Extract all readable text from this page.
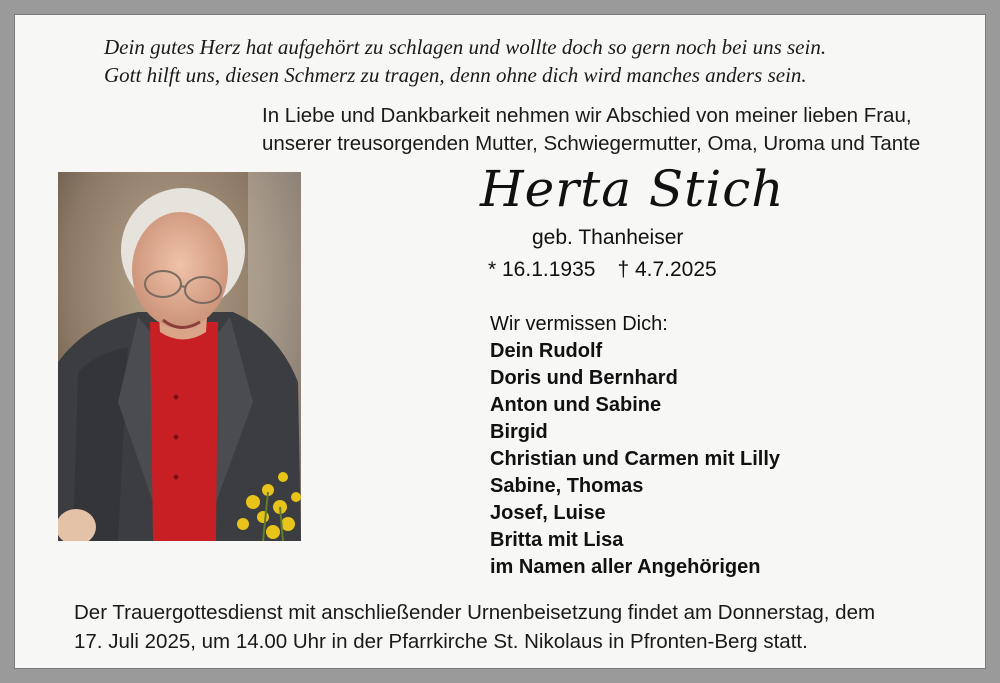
Dein gutes Herz hat aufgehört zu schlagen und wollte doch so gern noch bei uns sein.
Gott hilft uns, diesen Schmerz zu tragen, denn ohne dich wird manches anders sein.
In Liebe und Dankbarkeit nehmen wir Abschied von meiner lieben Frau,
unserer treusorgenden Mutter, Schwiegermutter, Oma, Uroma und Tante
Herta Stich
geb. Thanheiser
* 16.1.1935 † 4.7.2025
Wir vermissen Dich:
Dein Rudolf
Doris und Bernhard
Anton und Sabine
Birgid
Christian und Carmen mit Lilly
Sabine, Thomas
Josef, Luise
Britta mit Lisa
im Namen aller Angehörigen
Der Trauergottesdienst mit anschließender Urnenbeisetzung findet am Donnerstag, dem
17. Juli 2025, um 14.00 Uhr in der Pfarrkirche St. Nikolaus in Pfronten-Berg statt.
